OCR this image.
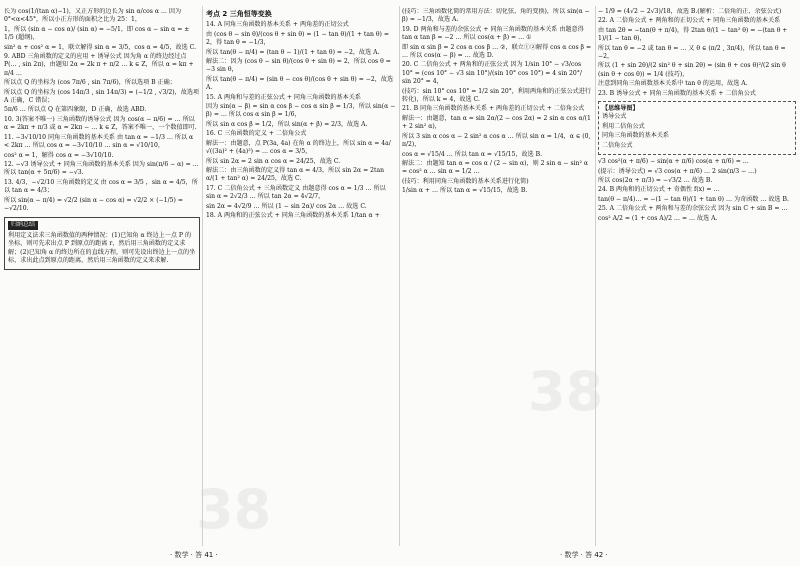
38
38

长为 cos(1/(tan α)−1)，又正方形的边长为 sin α/cos α … 因为 0°<α<45°，所以小正方形的面积之比为 25：1，

1，所以 (sin α − cos α)/ (sin α) = −5/1，即 cos α − sin α = ± 1/5 (超纲)，

sin² α + cos² α = 1，联立解得 sin α = 3/5，cos α = 4/5，故选 C.

9. ABD 三角函数的定义的应用 + 诱导公式 因为角 α 的终边经过点 P(… , sin 2π)，由题知 2α = 2k π + π/2 … k ∈ Z，所以 α = kπ + π/4 …

所以点 Q 的坐标为 (cos 7π/6 , sin 7π/6)，所以选项 B 正确；

所以点 Q 的坐标为 (cos 14π/3 , sin 14π/3) = (−1/2 , √3/2)，故选项 A 正确，C 错误；

5π/6 … 所以点 Q 在第四象限，D 正确，故选 ABD.

10. 3(答案不唯一) 三角函数的诱导公式 因为 cos(α − π/6) = … 所以 α = 2kπ + π/3 或 α = 2kπ − … k ∈ Z，答案不唯一，一个数值即可.

11. −3√10/10 同角三角函数的基本关系 由 tan α = −1/3 … 所以 α < 2kπ … 所以 cos α = −3√10/10 … sin α = √10/10，

cos² α = 1，解得 cos α = −3√10/10.

12. −√3 诱导公式 + 同角三角函数的基本关系 因为 sin(π/6 − α) = … 所以 tan(α + 5π/6) = −√3.

13. 4/3，−√2/10 三角函数的定义 由 cos α = 3/5 ，sin α = 4/5，所以 tan α = 4/3；

所以 sin(α − π/4) = √2/2 (sin α − cos α) = √2/2 × (−1/5) = −√2/10.

归纳总结

利用定义法求三角函数值的两种情况：(1)已知角 α 终边上一点 P 的坐标，则可先求出点 P 到原点的距离 r，然后用三角函数的定义求解；(2)已知角 α 的终边所在的直线方程，则可先设出终边上一点的坐标，求出此点到原点的距离，然后用三角函数的定义来求解.

考点 2 三角恒等变换

14. A 同角三角函数的基本关系 + 两角差的正切公式

由 (cos θ − sin θ)/(cos θ + sin θ) = (1 − tan θ)/(1 + tan θ) = 2，得 tan θ = −1/3，

所以 tan(θ − π/4) = (tan θ − 1)/(1 + tan θ) = −2，故选 A.

解法二：因为 (cos θ − sin θ)/(cos θ + sin θ) = 2，所以 cos θ = −3 sin θ，

所以 tan(θ − π/4) = (sin θ − cos θ)/(cos θ + sin θ) = −2，故选 A.

15. A 两角和与差的正弦公式 + 同角三角函数的基本关系

因为 sin(α − β) = sin α cos β − cos α sin β = 1/3，所以 sin(α − β) = … 所以 cos α sin β = 1/6，

所以 sin α cos β = 1/2，所以 sin(α + β) = 2/3，故选 A.

16. C 三角函数的定义 + 二倍角公式

解法一：由题意，点 P(3a, 4a) 在角 α 的终边上，所以 sin α = 4a/√((3a)² + (4a)²) = … cos α = 3/5，

所以 sin 2α = 2 sin α cos α = 24/25，故选 C.

解法二：由三角函数的定义得 tan α = 4/3，所以 sin 2α = 2tan α/(1 + tan² α) = 24/25，故选 C.

17. C 二倍角公式 + 三角函数定义 由题意得 cos α = 1/3 … 所以 sin α = 2√2/3 … 所以 tan 2α = 4√2/7，

sin 2α = 4√2/9 … 所以 (1 − sin 2α)/ cos 2α … 故选 C.

18. A 两角和的正弦公式 + 同角三角函数的基本关系 1/tan α +

(技巧：三角函数化简的常用方法：切化弦，角的变换)，所以 sin(α − β) = −1/3，故选 A.

19. D 两角和与差的余弦公式 + 同角三角函数的基本关系 由题意得 tan α tan β = −2 … 所以 cos(α + β) = … ①

即 sin α sin β = 2 cos α cos β … ②，联立①②解得 cos α cos β = … 所以 cos(α − β) = … 故选 D.

20. C 二倍角公式 + 两角和的正弦公式 因为 1/sin 10° − √3/cos 10° = (cos 10° − √3 sin 10°)/(sin 10° cos 10°) = 4 sin 20°/ sin 20° = 4，

(技巧：sin 10° cos 10° = 1/2 sin 20°，利用两角和的正弦公式进行转化)，所以 k = 4，故选 C.

21. B 同角三角函数的基本关系 + 两角差的正切公式 + 二倍角公式

解法一：由题意，tan α = sin 2α/(2 − cos 2α) = 2 sin α cos α/(1 + 2 sin² α)，

所以 3 sin α cos α − 2 sin² α cos α … 所以 sin α = 1/4，α ∈ (0, π/2)，

cos α = √15/4 … 所以 tan α = √15/15，故选 B.

解法二：由题知 tan α = cos α / (2 − sin α)，则 2 sin α − sin² α = cos² α … sin α = 1/2 …

(技巧：利用同角三角函数的基本关系进行化简)

1/sin α + … 所以 tan α = √15/15，故选 B.

− 1/9 = (4√2 − 2√3)/18，故选 B.(解析：二倍角的正、余弦公式)

22. A 二倍角公式 + 两角和的正切公式 + 同角三角函数的基本关系

由 tan 2θ = −tan(θ + π/4)，得 2tan θ/(1 − tan² θ) = −(tan θ + 1)/(1 − tan θ)，

所以 tan θ = −2 或 tan θ = … 又 θ ∈ (π/2 , 3π/4)，所以 tan θ = −2，

所以 (1 + sin 2θ)/(2 sin² θ + sin 2θ) = (sin θ + cos θ)²/(2 sin θ (sin θ + cos θ)) = 1/4 (技巧)，

注意到同角三角函数基本关系中 tan θ 的运用，故选 A.

23. B 诱导公式 + 同角三角函数的基本关系 + 二倍角公式

【思维导图】

诱导公式

利用二倍角公式

同角三角函数的基本关系

二倍角公式

√3 cos²(α + π/6) − sin(α + π/6) cos(α + π/6) = …

(提示：诱导公式) = √3 cos(α + π/6) … 2 sin(π/3 − …)

所以 cos(2α + π/3) = −√3/2 … 故选 B.

24. B 两角和的正切公式 + 奇偶性 f(x) = …

tan(θ − π/4)… = −(1 − tan θ)/(1 + tan θ) … 为奇函数 … 故选 B.

25. A 二倍角公式 + 两角和与差的余弦公式 因为 sin C + sin B = …

cos² A/2 = (1 + cos A)/2 … = … 故选 A.

· 数学 · 答 41 ·	· 数学 · 答 42 ·
